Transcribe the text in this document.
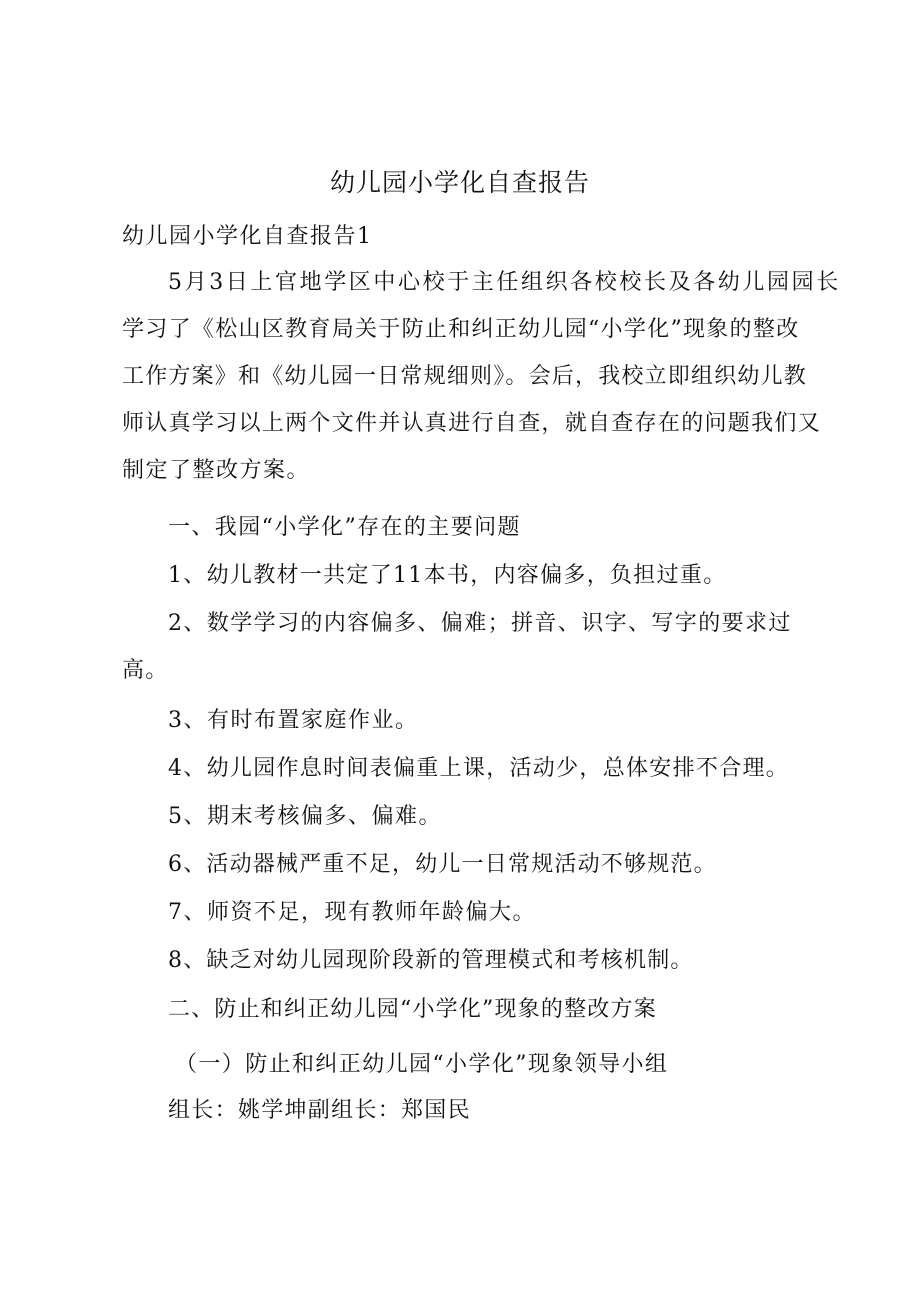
幼儿园小学化自查报告
幼儿园小学化自查报告1
5月3日上官地学区中心校于主任组织各校校长及各幼儿园园长
学习了《松山区教育局关于防止和纠正幼儿园“小学化”现象的整改
工作方案》和《幼儿园一日常规细则》。会后，我校立即组织幼儿教
师认真学习以上两个文件并认真进行自查，就自查存在的问题我们又
制定了整改方案。
一、我园“小学化”存在的主要问题
1、幼儿教材一共定了11本书，内容偏多，负担过重。
2、数学学习的内容偏多、偏难；拼音、识字、写字的要求过
高。
3、有时布置家庭作业。
4、幼儿园作息时间表偏重上课，活动少，总体安排不合理。
5、期末考核偏多、偏难。
6、活动器械严重不足，幼儿一日常规活动不够规范。
7、师资不足，现有教师年龄偏大。
8、缺乏对幼儿园现阶段新的管理模式和考核机制。
二、防止和纠正幼儿园“小学化”现象的整改方案
（一）防止和纠正幼儿园“小学化”现象领导小组
组长：姚学坤副组长：郑国民
